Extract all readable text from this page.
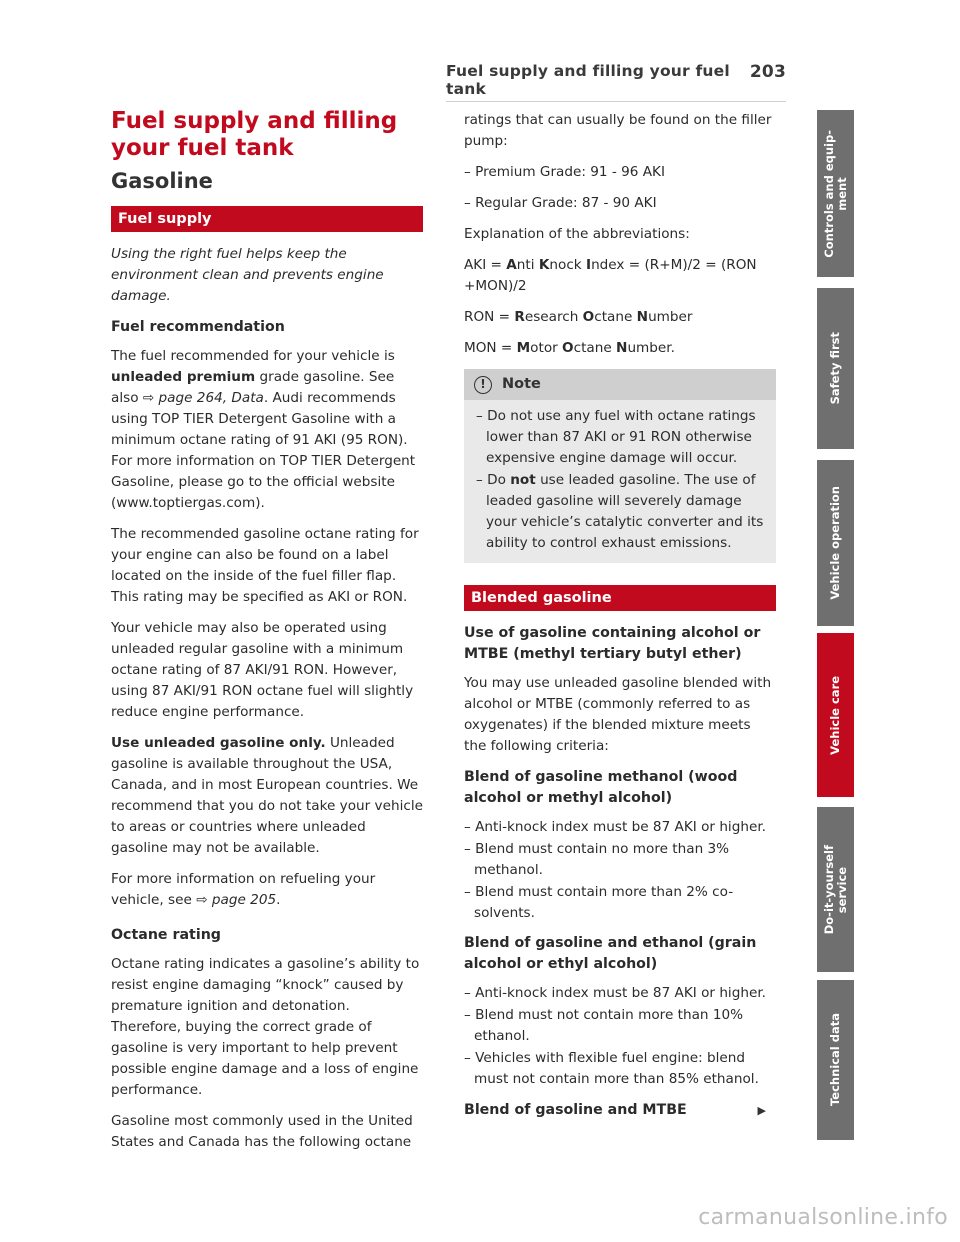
Fuel supply and filling your fuel tank
203
Fuel supply and filling your fuel tank
Gasoline
Fuel supply

Using the right fuel helps keep the environment clean and prevents engine damage.

Fuel recommendation

The fuel recommended for your vehicle is unleaded premium grade gasoline. See also ⇨ page 264, Data. Audi recommends using TOP TIER Detergent Gasoline with a minimum octane rating of 91 AKI (95 RON). For more information on TOP TIER Detergent Gasoline, please go to the official website (www.toptiergas.com).

The recommended gasoline octane rating for your engine can also be found on a label located on the inside of the fuel filler flap. This rating may be specified as AKI or RON.

Your vehicle may also be operated using unleaded regular gasoline with a minimum octane rating of 87 AKI/91 RON. However, using 87 AKI/91 RON octane fuel will slightly reduce engine performance.

Use unleaded gasoline only. Unleaded gasoline is available throughout the USA, Canada, and in most European countries. We recommend that you do not take your vehicle to areas or countries where unleaded gasoline may not be available.

For more information on refueling your vehicle, see ⇨ page 205.

Octane rating

Octane rating indicates a gasoline’s ability to resist engine damaging “knock” caused by premature ignition and detonation. Therefore, buying the correct grade of gasoline is very important to help prevent possible engine damage and a loss of engine performance.

Gasoline most commonly used in the United States and Canada has the following octane

ratings that can usually be found on the filler pump:

– Premium Grade: 91 - 96 AKI

– Regular Grade: 87 - 90 AKI

Explanation of the abbreviations:

AKI = Anti Knock Index = (R+M)/2 = (RON +MON)/2

RON = Research Octane Number

MON = Motor Octane Number.

!	Note

– Do not use any fuel with octane ratings lower than 87 AKI or 91 RON otherwise expensive engine damage will occur.

– Do not use leaded gasoline. The use of leaded gasoline will severely damage your vehicle’s catalytic converter and its ability to control exhaust emissions.

Blended gasoline
Use of gasoline containing alcohol or MTBE (methyl tertiary butyl ether)

You may use unleaded gasoline blended with alcohol or MTBE (commonly referred to as oxygenates) if the blended mixture meets the following criteria:

Blend of gasoline methanol (wood alcohol or methyl alcohol)

– Anti-knock index must be 87 AKI or higher.

– Blend must contain no more than 3% methanol.

– Blend must contain more than 2% co-solvents.

Blend of gasoline and ethanol (grain alcohol or ethyl alcohol)

– Anti-knock index must be 87 AKI or higher.

– Blend must not contain more than 10% ethanol.

– Vehicles with flexible fuel engine: blend must not contain more than 85% ethanol.

Blend of gasoline and MTBE	▶
Controls and equip-
ment
Safety first
Vehicle operation
Vehicle care
Do-it-yourself
service
Technical data
carmanualsonline.info
